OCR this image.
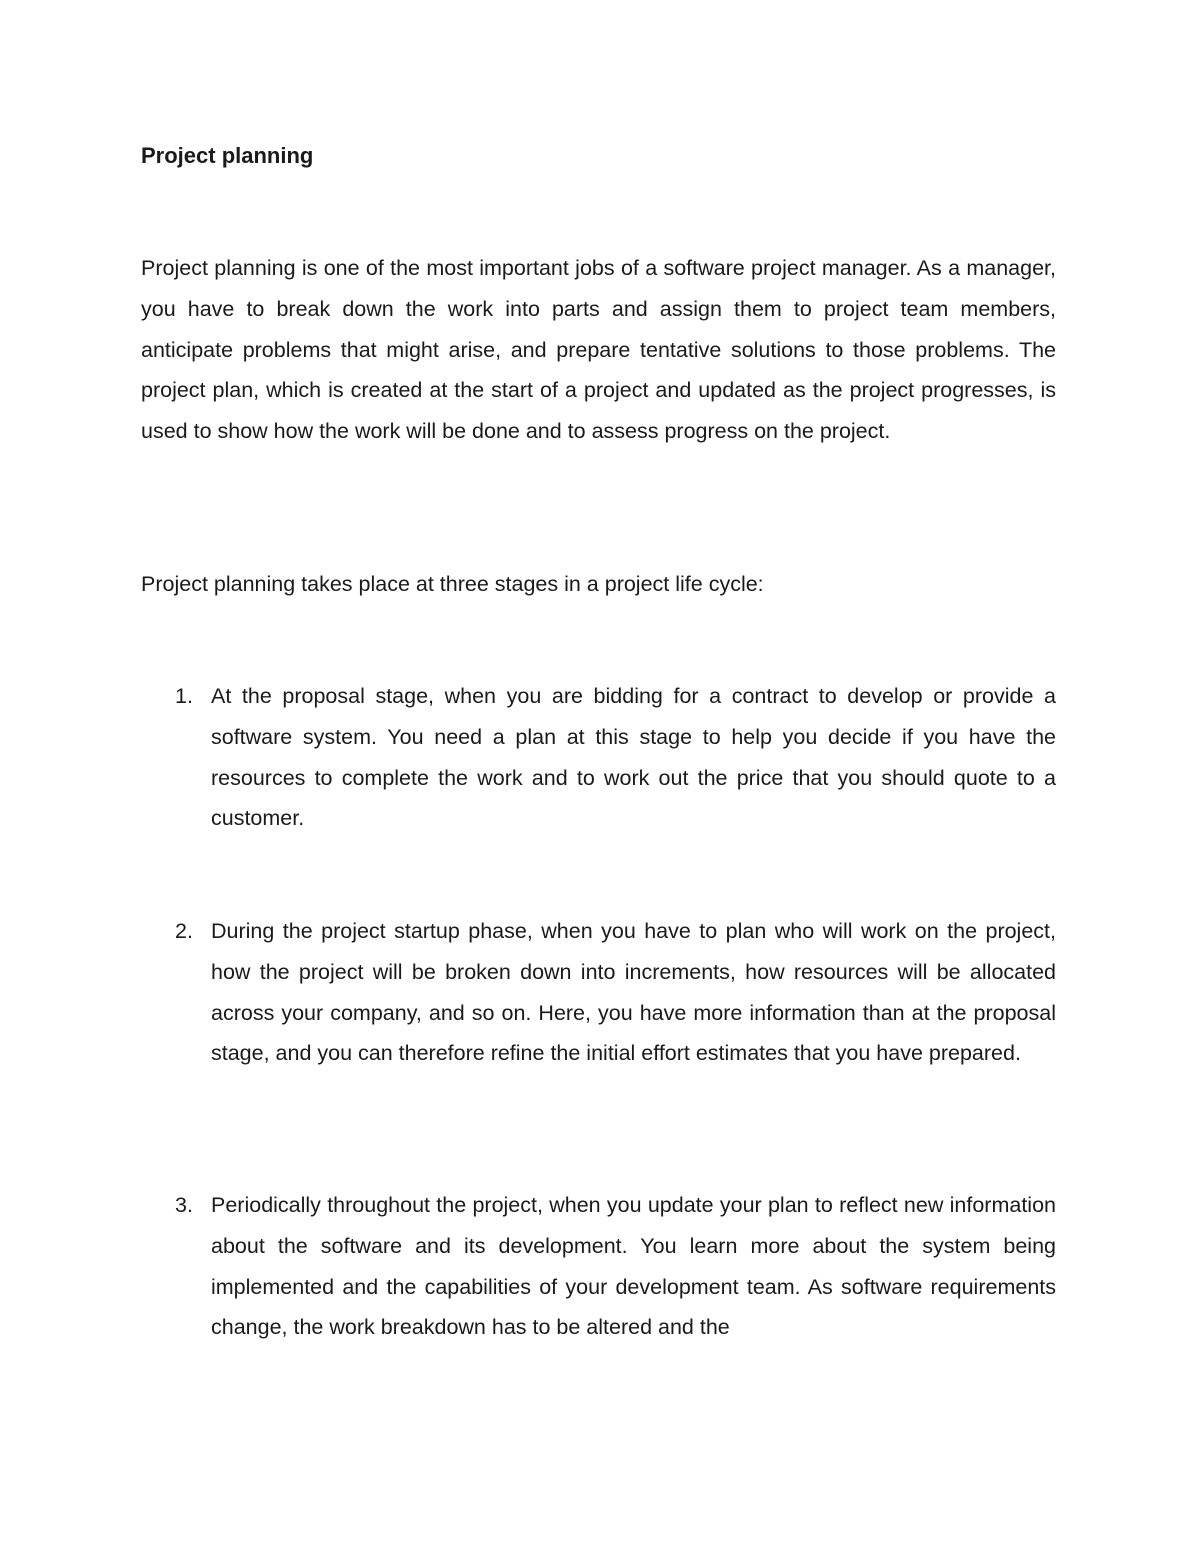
Project planning

Project planning is one of the most important jobs of a software project manager. As a manager, you have to break down the work into parts and assign them to project team members, anticipate problems that might arise, and prepare tentative solutions to those problems. The project plan, which is created at the start of a project and updated as the project progresses, is used to show how the work will be done and to assess progress on the project.

Project planning takes place at three stages in a project life cycle:

1. At the proposal stage, when you are bidding for a contract to develop or provide a software system. You need a plan at this stage to help you decide if you have the resources to complete the work and to work out the price that you should quote to a customer.
2. During the project startup phase, when you have to plan who will work on the project, how the project will be broken down into increments, how resources will be allocated across your company, and so on. Here, you have more information than at the proposal stage, and you can therefore refine the initial effort estimates that you have prepared.
3. Periodically throughout the project, when you update your plan to reflect new information about the software and its development. You learn more about the system being implemented and the capabilities of your development team. As software requirements change, the work breakdown has to be altered and the
